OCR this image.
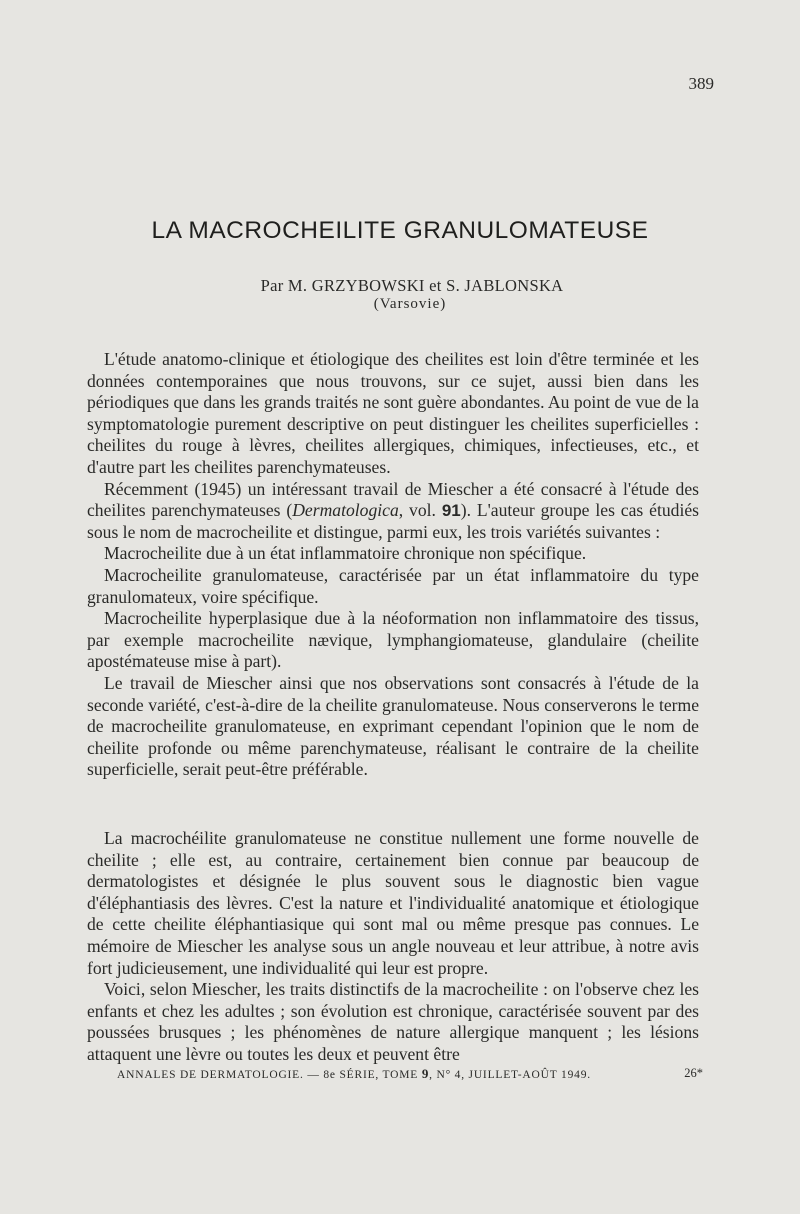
389
LA MACROCHEILITE GRANULOMATEUSE
Par M. GRZYBOWSKI et S. JABLONSKA
(Varsovie)

L'étude anatomo-clinique et étiologique des cheilites est loin d'être terminée et les données contemporaines que nous trouvons, sur ce sujet, aussi bien dans les périodiques que dans les grands traités ne sont guère abondantes. Au point de vue de la symptomatologie purement descriptive on peut distinguer les cheilites superficielles : cheilites du rouge à lèvres, cheilites allergiques, chimiques, infectieuses, etc., et d'autre part les cheilites parenchymateuses.

Récemment (1945) un intéressant travail de Miescher a été consacré à l'étude des cheilites parenchymateuses (Dermatologica, vol. 91). L'auteur groupe les cas étudiés sous le nom de macrocheilite et distingue, parmi eux, les trois variétés suivantes :

Macrocheilite due à un état inflammatoire chronique non spécifique.

Macrocheilite granulomateuse, caractérisée par un état inflammatoire du type granulomateux, voire spécifique.

Macrocheilite hyperplasique due à la néoformation non inflammatoire des tissus, par exemple macrocheilite nævique, lymphangiomateuse, glandulaire (cheilite apostémateuse mise à part).

Le travail de Miescher ainsi que nos observations sont consacrés à l'étude de la seconde variété, c'est-à-dire de la cheilite granulomateuse. Nous conserverons le terme de macrocheilite granulomateuse, en exprimant cependant l'opinion que le nom de cheilite profonde ou même parenchymateuse, réalisant le contraire de la cheilite superficielle, serait peut-être préférable.

La macrochéilite granulomateuse ne constitue nullement une forme nouvelle de cheilite ; elle est, au contraire, certainement bien connue par beaucoup de dermatologistes et désignée le plus souvent sous le diagnostic bien vague d'éléphantiasis des lèvres. C'est la nature et l'individualité anatomique et étiologique de cette cheilite éléphantiasique qui sont mal ou même presque pas connues. Le mémoire de Miescher les analyse sous un angle nouveau et leur attribue, à notre avis fort judicieusement, une individualité qui leur est propre.

Voici, selon Miescher, les traits distinctifs de la macrocheilite : on l'observe chez les enfants et chez les adultes ; son évolution est chronique, caractérisée souvent par des poussées brusques ; les phénomènes de nature allergique manquent ; les lésions attaquent une lèvre ou toutes les deux et peuvent être

ANNALES DE DERMATOLOGIE. — 8e SÉRIE, TOME 9, N° 4, JUILLET-AOÛT 1949.	26*
